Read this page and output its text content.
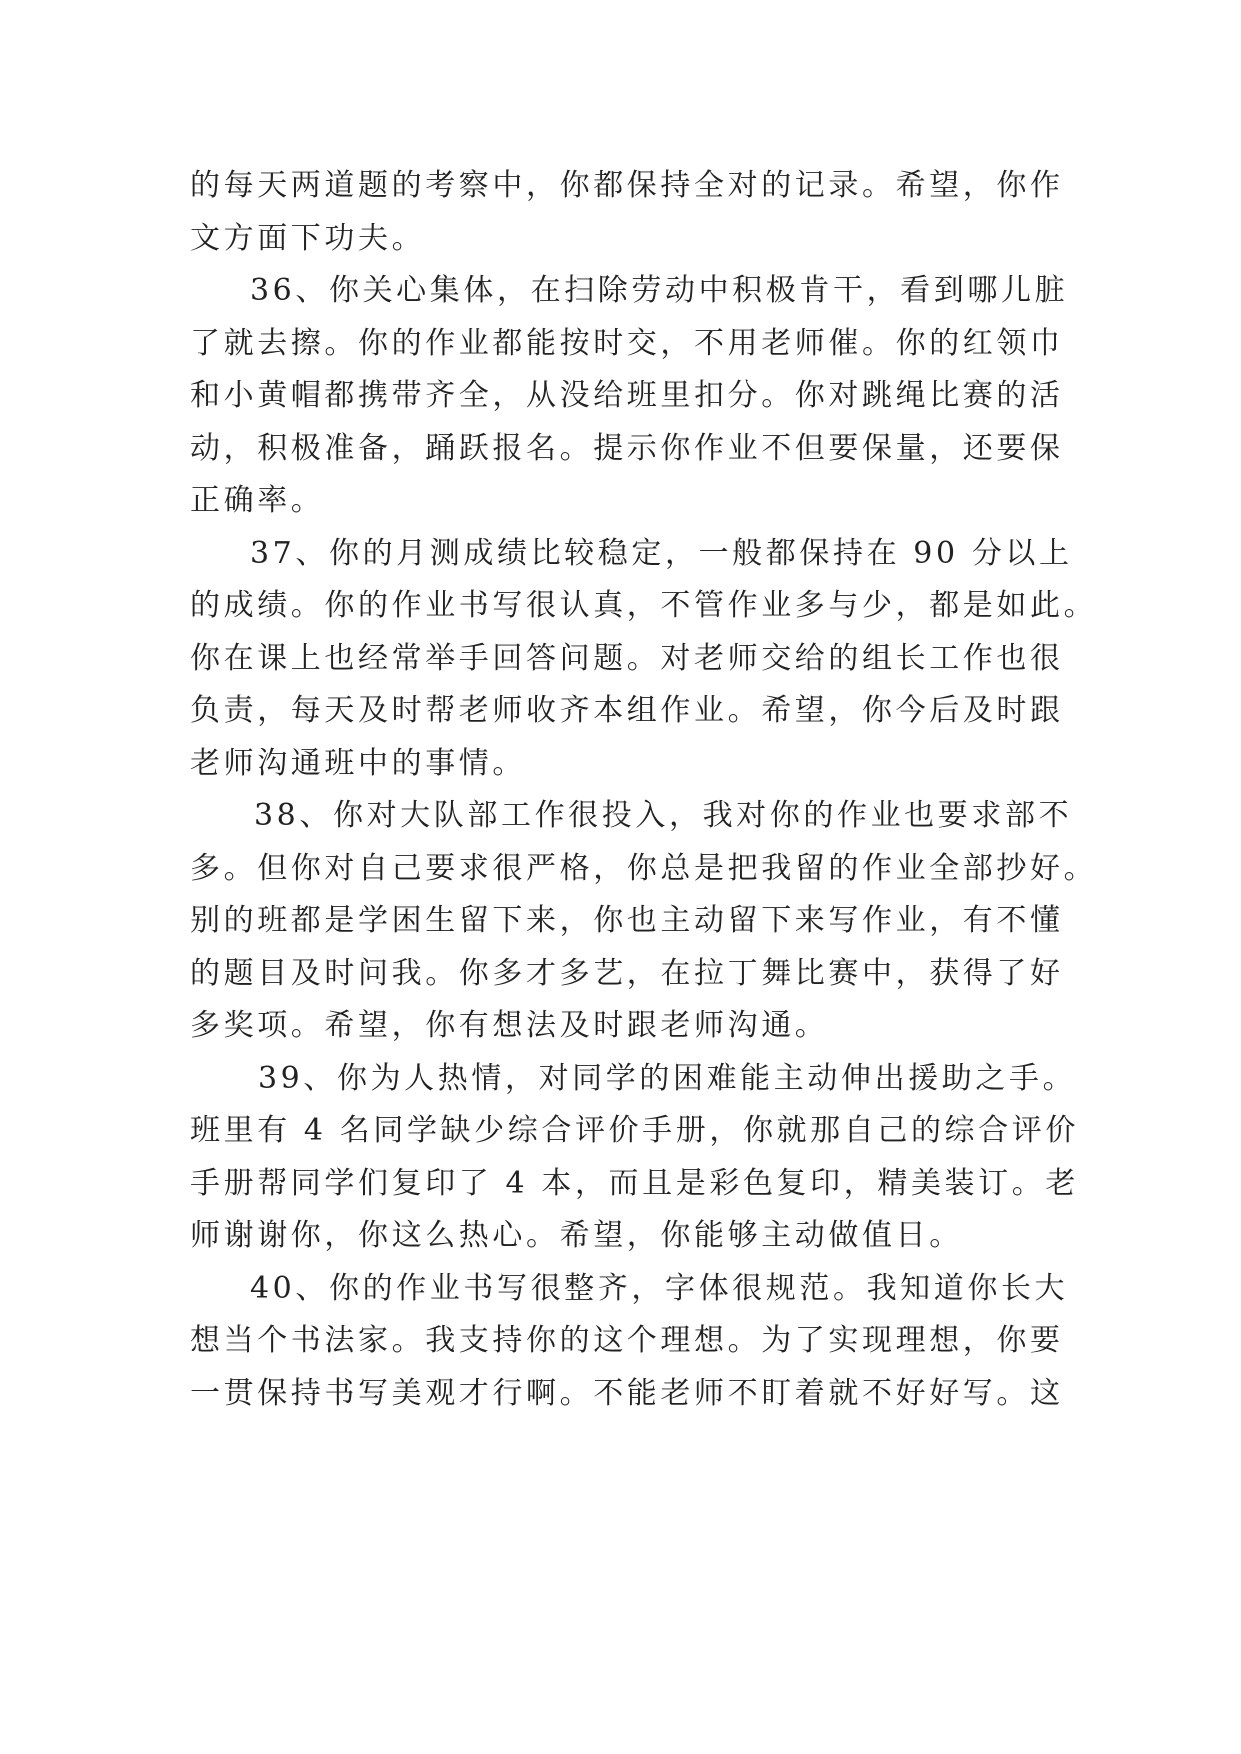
的每天两道题的考察中，你都保持全对的记录。希望，你作
文方面下功夫。
36、你关心集体，在扫除劳动中积极肯干，看到哪儿脏
了就去擦。你的作业都能按时交，不用老师催。你的红领巾
和小黄帽都携带齐全，从没给班里扣分。你对跳绳比赛的活
动，积极准备，踊跃报名。提示你作业不但要保量，还要保
正确率。
37、你的月测成绩比较稳定，一般都保持在 90 分以上
的成绩。你的作业书写很认真，不管作业多与少，都是如此。
你在课上也经常举手回答问题。对老师交给的组长工作也很
负责，每天及时帮老师收齐本组作业。希望，你今后及时跟
老师沟通班中的事情。
38、你对大队部工作很投入，我对你的作业也要求部不
多。但你对自己要求很严格，你总是把我留的作业全部抄好。
别的班都是学困生留下来，你也主动留下来写作业，有不懂
的题目及时问我。你多才多艺，在拉丁舞比赛中，获得了好
多奖项。希望，你有想法及时跟老师沟通。
39、你为人热情，对同学的困难能主动伸出援助之手。
班里有 4 名同学缺少综合评价手册，你就那自己的综合评价
手册帮同学们复印了 4 本，而且是彩色复印，精美装订。老
师谢谢你，你这么热心。希望，你能够主动做值日。
40、你的作业书写很整齐，字体很规范。我知道你长大
想当个书法家。我支持你的这个理想。为了实现理想，你要
一贯保持书写美观才行啊。不能老师不盯着就不好好写。这
